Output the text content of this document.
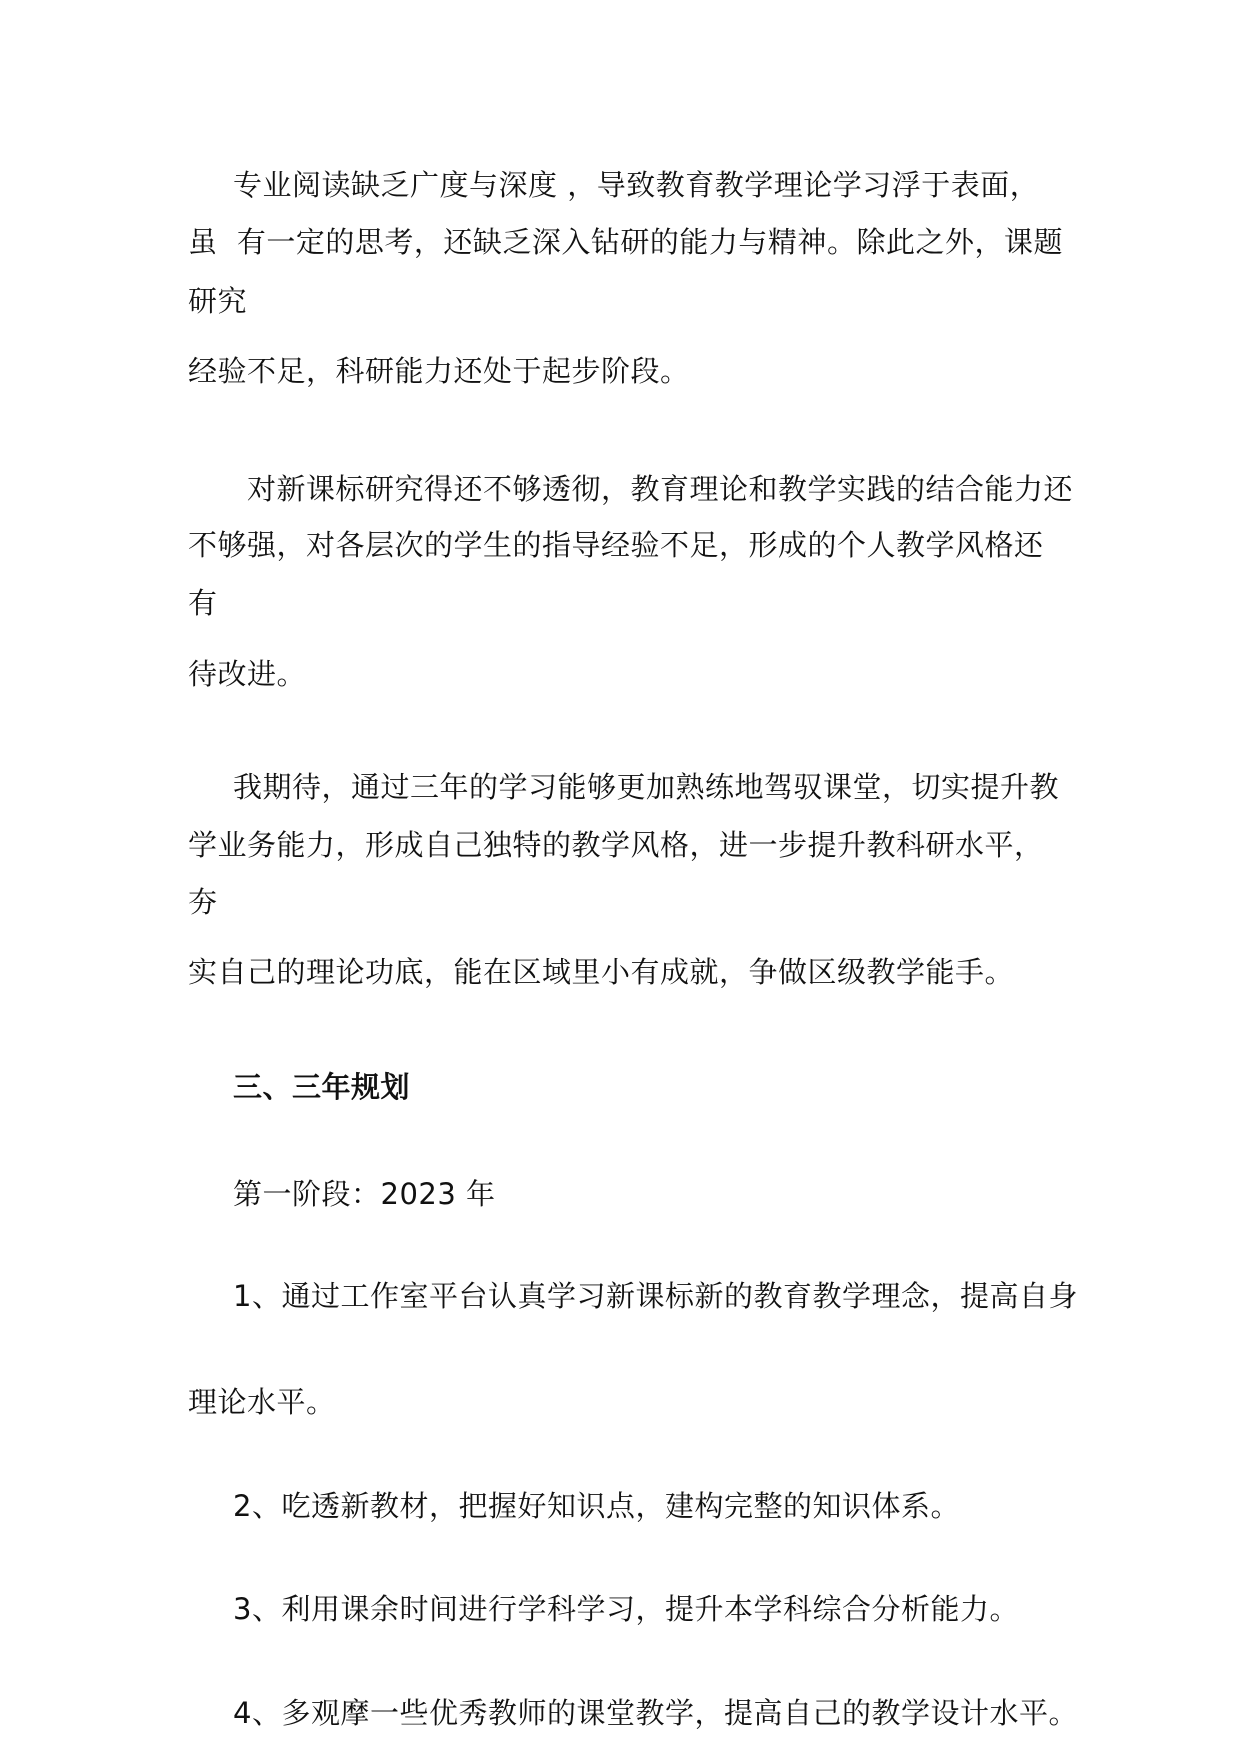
专业阅读缺乏广度与深度 ，导致教育教学理论学习浮于表面，
虽  有一定的思考，还缺乏深入钻研的能力与精神。除此之外，课题
研究
经验不足，科研能力还处于起步阶段。
对新课标研究得还不够透彻，教育理论和教学实践的结合能力还
不够强，对各层次的学生的指导经验不足，形成的个人教学风格还
有
待改进。
我期待，通过三年的学习能够更加熟练地驾驭课堂，切实提升教
学业务能力，形成自己独特的教学风格，进一步提升教科研水平，
夯
实自己的理论功底，能在区域里小有成就，争做区级教学能手。
三、三年规划
第一阶段：2023 年
1、通过工作室平台认真学习新课标新的教育教学理念，提高自身
理论水平。
2、吃透新教材，把握好知识点，建构完整的知识体系。
3、利用课余时间进行学科学习，提升本学科综合分析能力。
4、多观摩一些优秀教师的课堂教学，提高自己的教学设计水平。
